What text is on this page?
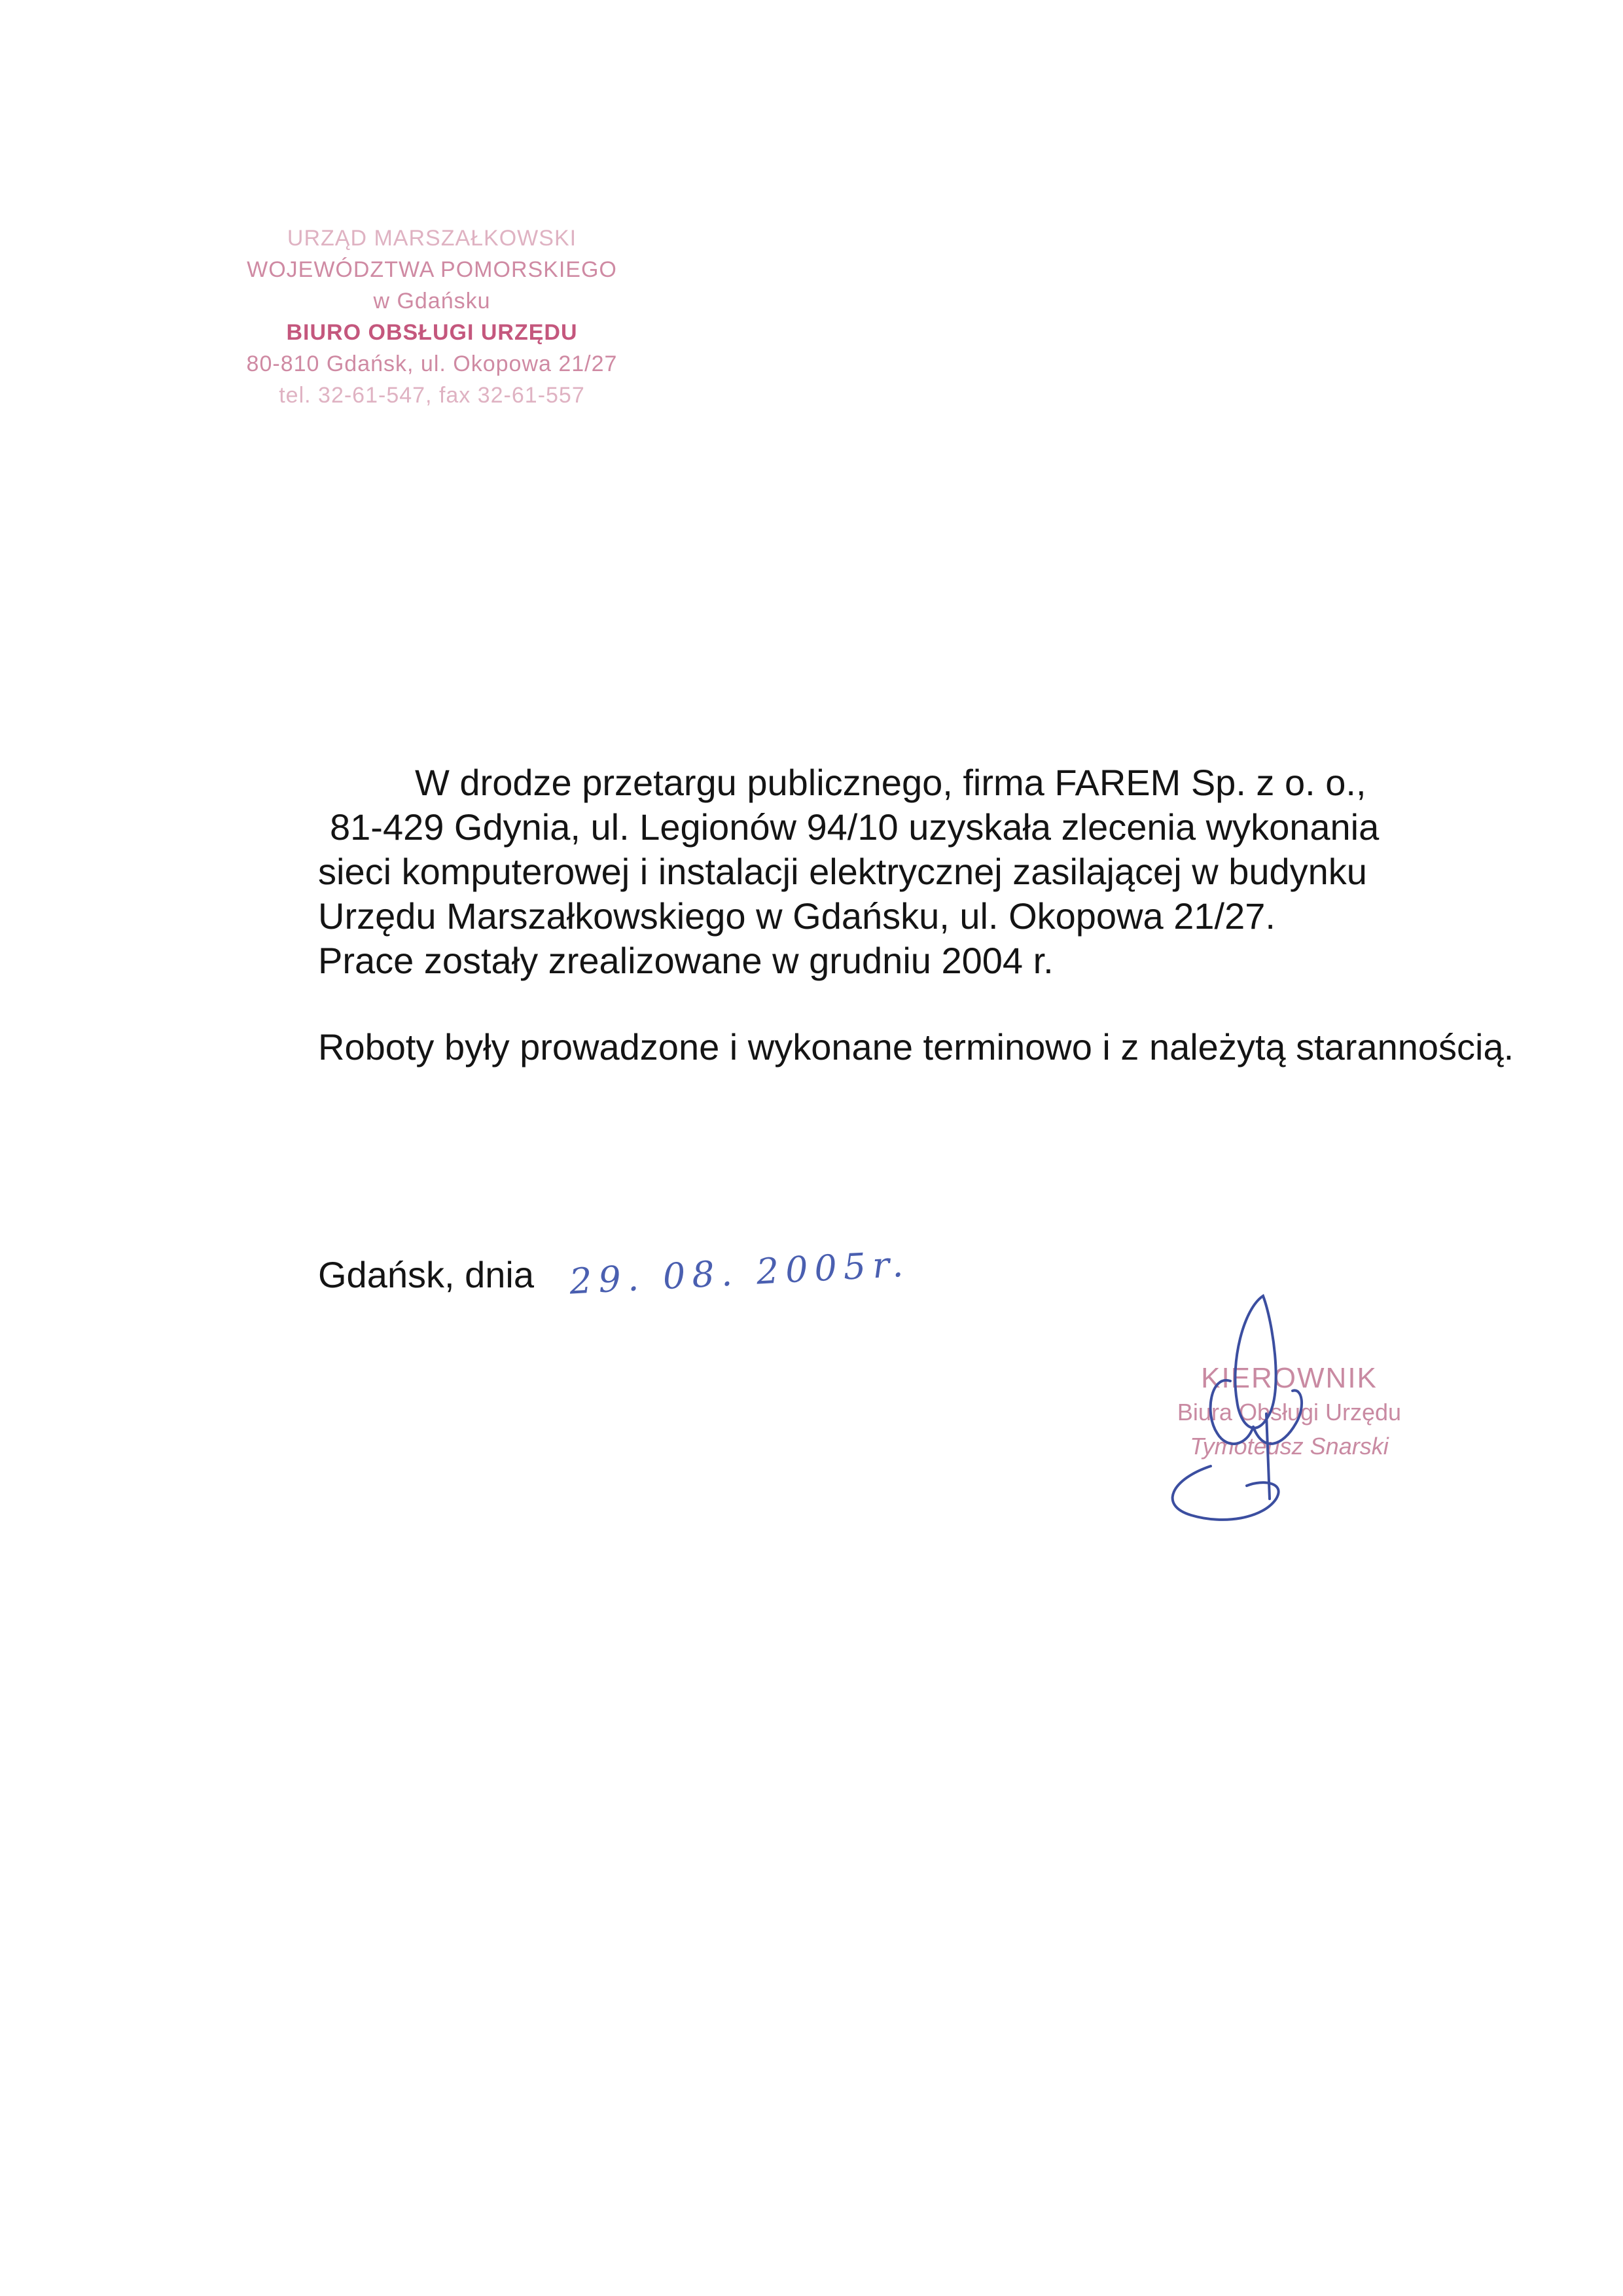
URZĄD MARSZAŁKOWSKI
WOJEWÓDZTWA POMORSKIEGO
w Gdańsku
BIURO OBSŁUGI URZĘDU
80-810 Gdańsk, ul. Okopowa 21/27
tel. 32-61-547, fax 32-61-557
W drodze przetargu publicznego, firma FAREM Sp. z o. o.,
81-429 Gdynia, ul. Legionów 94/10 uzyskała zlecenia wykonania
sieci komputerowej i instalacji elektrycznej zasilającej w budynku
Urzędu Marszałkowskiego w Gdańsku, ul. Okopowa 21/27.
Prace zostały zrealizowane w grudniu 2004 r.
Roboty były prowadzone i wykonane terminowo i z należytą starannością.
Gdańsk, dnia 29. 08. 2005r.
KIEROWNIK
Biura Obsługi Urzędu
Tymoteusz Snarski
